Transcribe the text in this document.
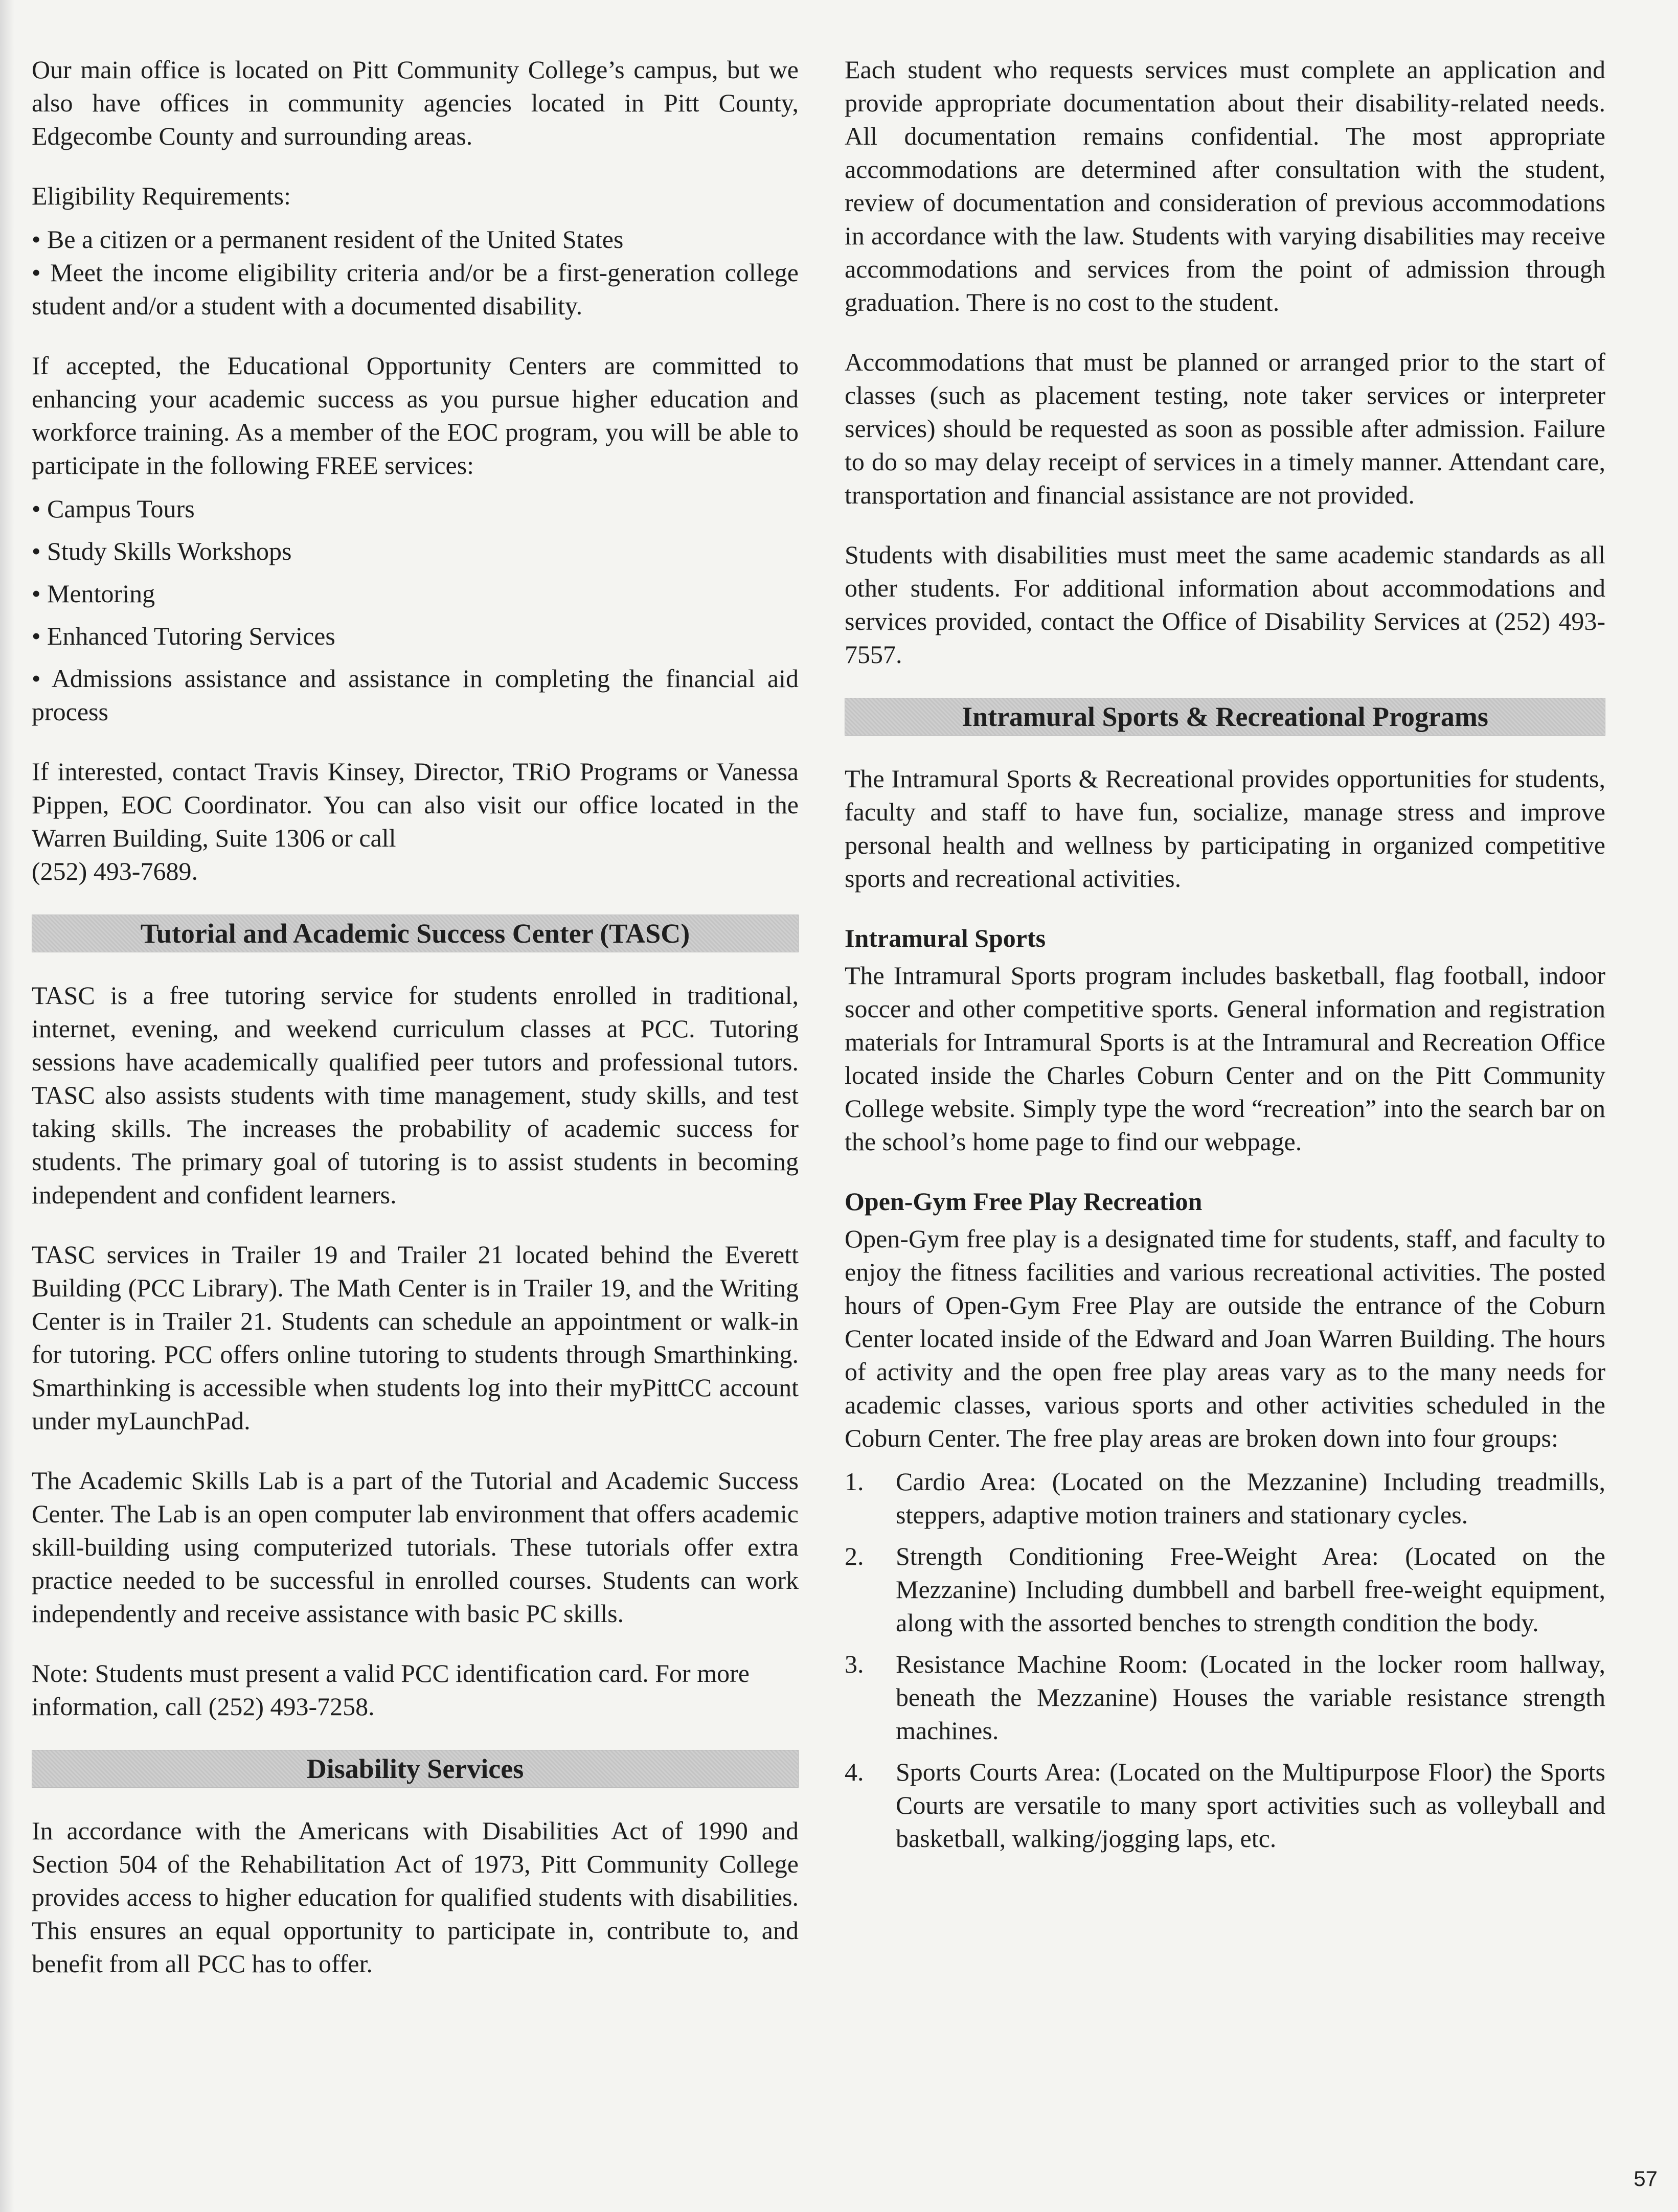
Our main office is located on Pitt Community College’s campus, but we also have offices in community agencies located in Pitt County, Edgecombe County and surrounding areas.

Eligibility Requirements:

• Be a citizen or a permanent resident of the United States

• Meet the income eligibility criteria and/or be a first-generation college student and/or a student with a documented disability.

If accepted, the Educational Opportunity Centers are committed to enhancing your academic success as you pursue higher education and workforce training. As a member of the EOC program, you will be able to participate in the following FREE services:

• Campus Tours

• Study Skills Workshops

• Mentoring

• Enhanced Tutoring Services

• Admissions assistance and assistance in completing the financial aid process

If interested, contact Travis Kinsey, Director, TRiO Programs or Vanessa Pippen, EOC Coordinator. You can also visit our office located in the Warren Building, Suite 1306 or call

(252) 493-7689.

Tutorial and Academic Success Center (TASC)

TASC is a free tutoring service for students enrolled in traditional, internet, evening, and weekend curriculum classes at PCC. Tutoring sessions have academically qualified peer tutors and professional tutors. TASC also assists students with time management, study skills, and test taking skills. The increases the probability of academic success for students. The primary goal of tutoring is to assist students in becoming independent and confident learners.

TASC services in Trailer 19 and Trailer 21 located behind the Everett Building (PCC Library). The Math Center is in Trailer 19, and the Writing Center is in Trailer 21. Students can schedule an appointment or walk-in for tutoring. PCC offers online tutoring to students through Smarthinking. Smarthinking is accessible when students log into their myPittCC account under myLaunchPad.

The Academic Skills Lab is a part of the Tutorial and Academic Success Center. The Lab is an open computer lab environment that offers academic skill-building using computerized tutorials. These tutorials offer extra practice needed to be successful in enrolled courses. Students can work independently and receive assistance with basic PC skills.

Note: Students must present a valid PCC identification card. For more information, call (252) 493-7258.

Disability Services

In accordance with the Americans with Disabilities Act of 1990 and Section 504 of the Rehabilitation Act of 1973, Pitt Community College provides access to higher education for qualified students with disabilities. This ensures an equal opportunity to participate in, contribute to, and benefit from all PCC has to offer.

Each student who requests services must complete an application and provide appropriate documentation about their disability-related needs. All documentation remains confidential. The most appropriate accommodations are determined after consultation with the student, review of documentation and consideration of previous accommodations in accordance with the law. Students with varying disabilities may receive accommodations and services from the point of admission through graduation. There is no cost to the student.

Accommodations that must be planned or arranged prior to the start of classes (such as placement testing, note taker services or interpreter services) should be requested as soon as possible after admission. Failure to do so may delay receipt of services in a timely manner. Attendant care, transportation and financial assistance are not provided.

Students with disabilities must meet the same academic standards as all other students. For additional information about accommodations and services provided, contact the Office of Disability Services at (252) 493-7557.

Intramural Sports & Recreational Programs

The Intramural Sports & Recreational provides opportunities for students, faculty and staff to have fun, socialize, manage stress and improve personal health and wellness by participating in organized competitive sports and recreational activities.

Intramural Sports

The Intramural Sports program includes basketball, flag football, indoor soccer and other competitive sports. General information and registration materials for Intramural Sports is at the Intramural and Recreation Office located inside the Charles Coburn Center and on the Pitt Community College website. Simply type the word “recreation” into the search bar on the school’s home page to find our webpage.

Open-Gym Free Play Recreation

Open-Gym free play is a designated time for students, staff, and faculty to enjoy the fitness facilities and various recreational activities. The posted hours of Open-Gym Free Play are outside the entrance of the Coburn Center located inside of the Edward and Joan Warren Building. The hours of activity and the open free play areas vary as to the many needs for academic classes, various sports and other activities scheduled in the Coburn Center. The free play areas are broken down into four groups:

1.	Cardio Area: (Located on the Mezzanine) Including treadmills, steppers, adaptive motion trainers and stationary cycles.
2.	Strength Conditioning Free-Weight Area: (Located on the Mezzanine) Including dumbbell and barbell free-weight equipment, along with the assorted benches to strength condition the body.
3.	Resistance Machine Room: (Located in the locker room hallway, beneath the Mezzanine) Houses the variable resistance strength machines.
4.	Sports Courts Area: (Located on the Multipurpose Floor) the Sports Courts are versatile to many sport activities such as volleyball and basketball, walking/jogging laps, etc.
57
